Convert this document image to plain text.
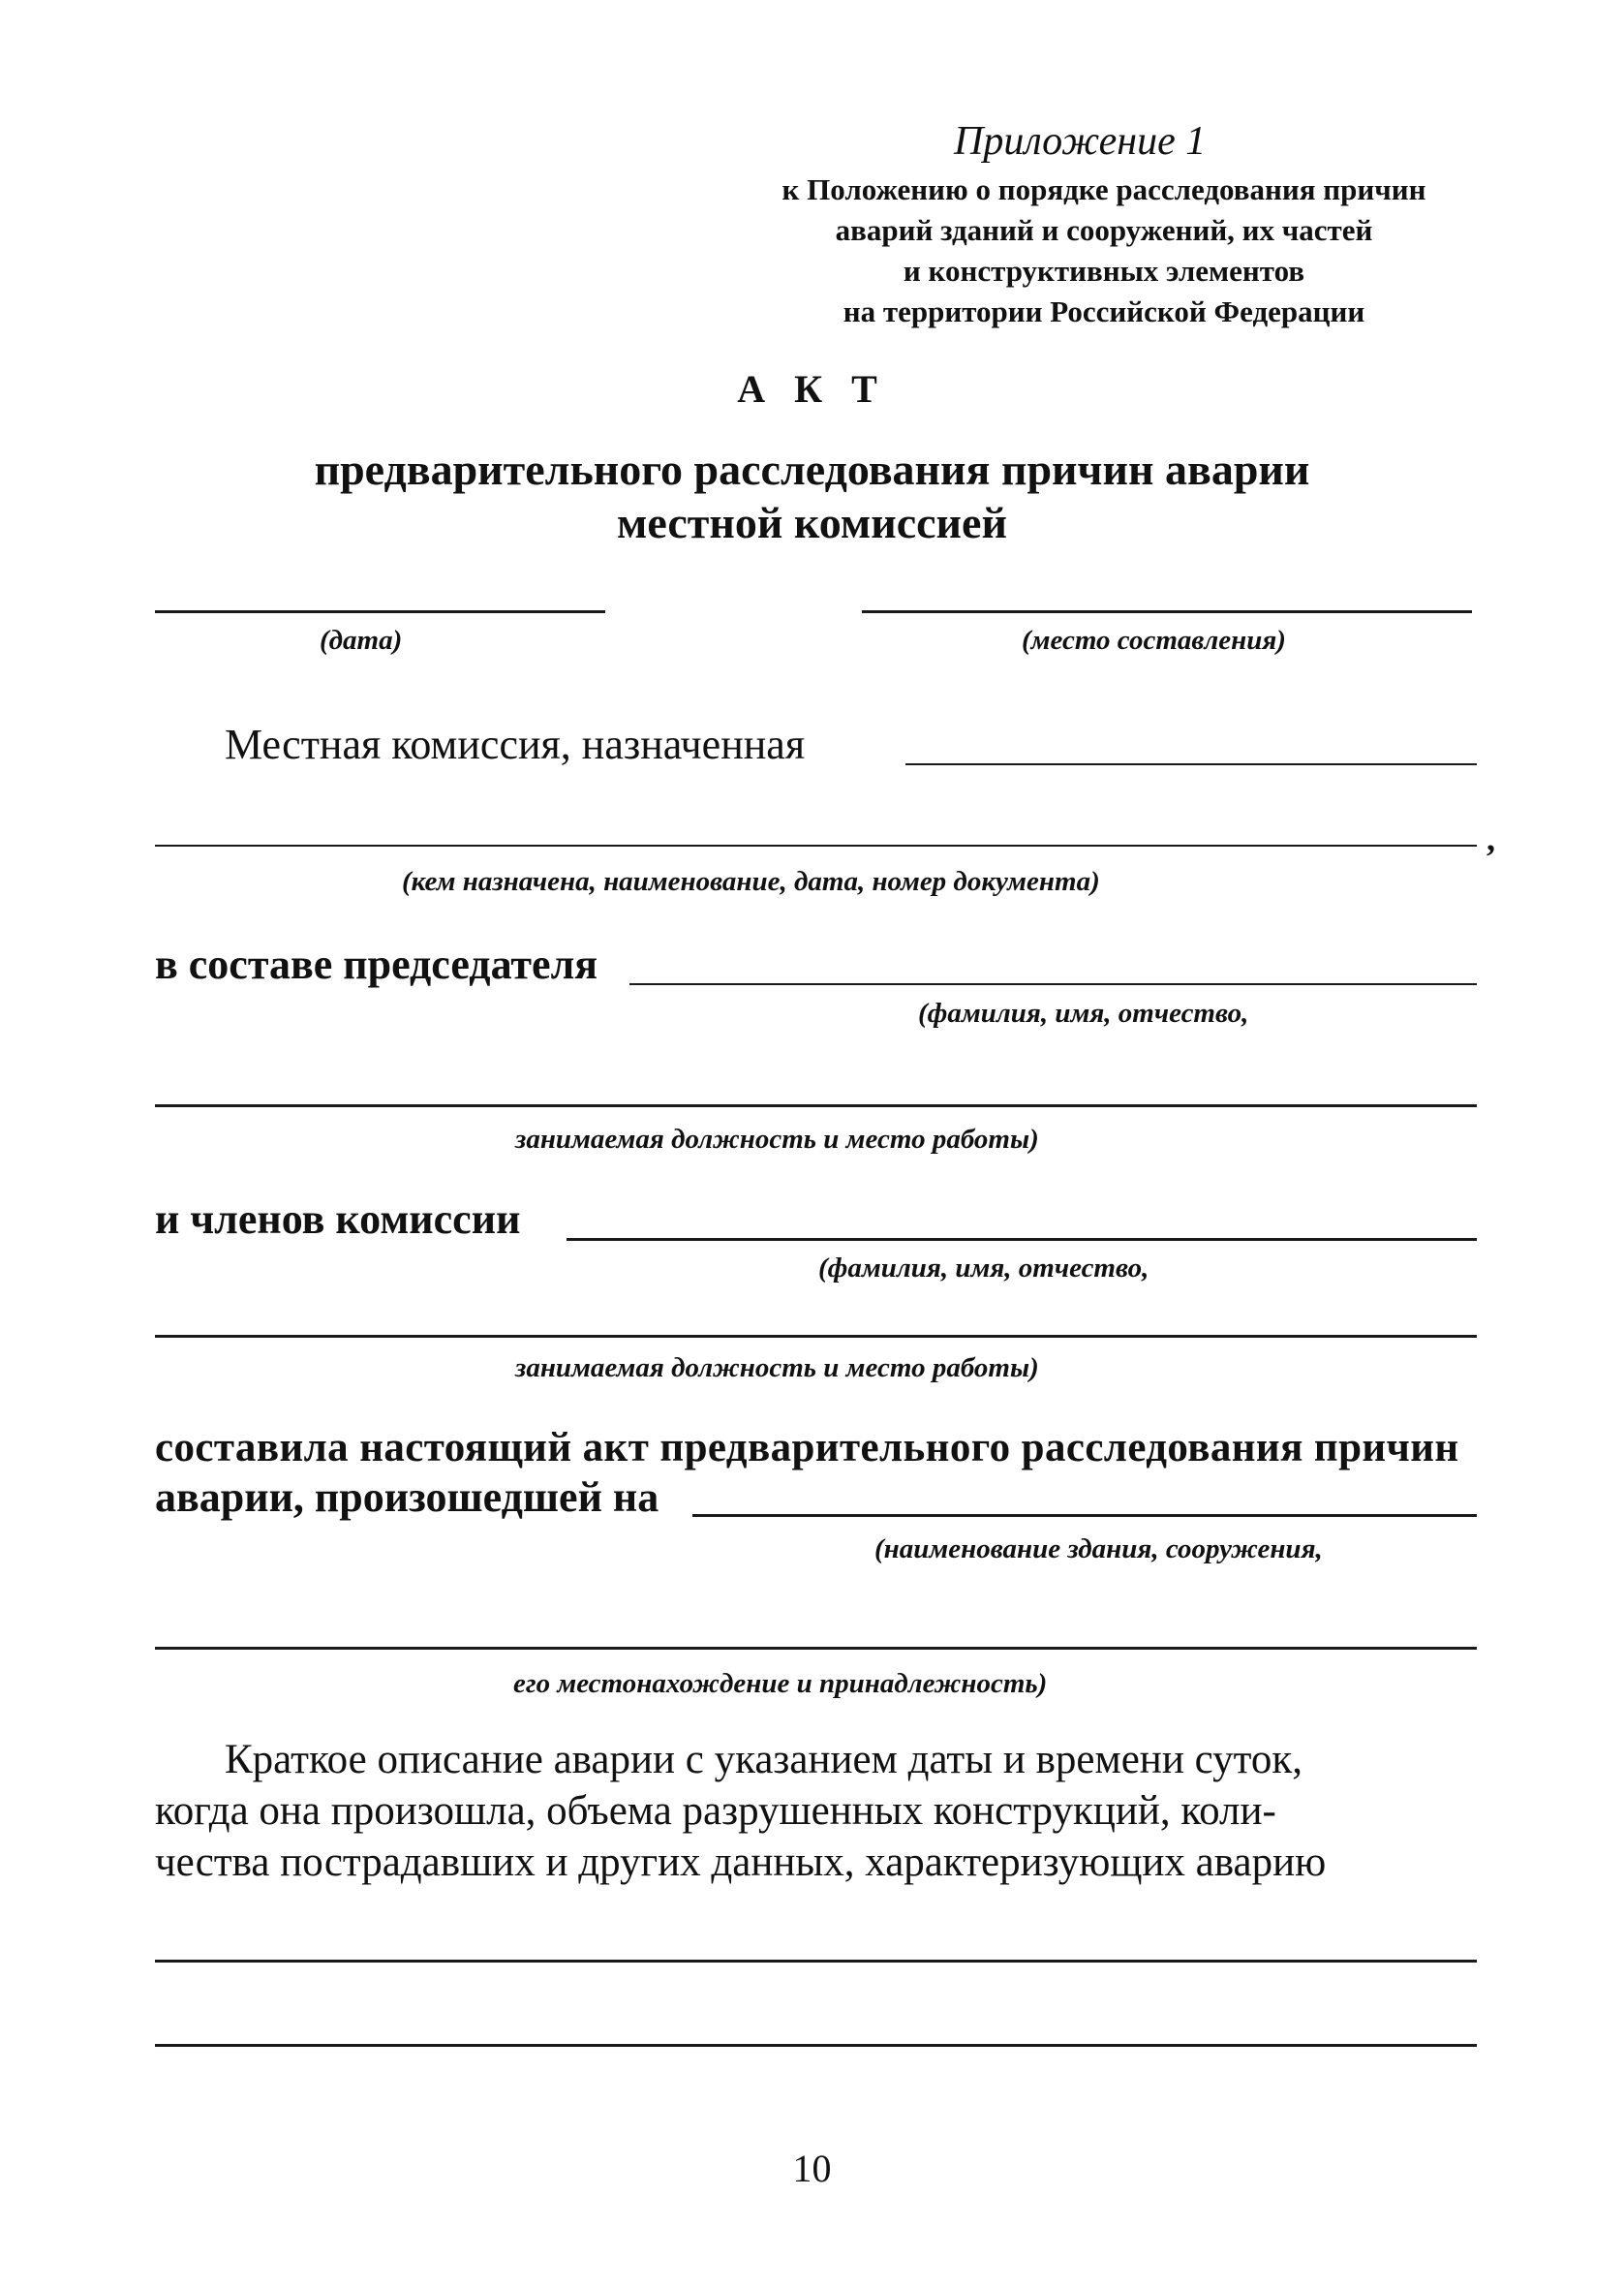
Приложение 1
к Положению о порядке расследования причин
аварий зданий и сооружений, их частей
и конструктивных элементов
на территории Российской Федерации
А К Т
предварительного расследования причин аварии
местной комиссией
(дата)	(место составления)
Местная комиссия, назначенная
,
(кем назначена, наименование, дата, номер документа)
в составе председателя
(фамилия, имя, отчество,
занимаемая должность и место работы)
и членов комиссии
(фамилия, имя, отчество,
занимаемая должность и место работы)
составила настоящий акт предварительного расследования причин
аварии, произошедшей на
(наименование здания, сооружения,
его местонахождение и принадлежность)
Краткое описание аварии с указанием даты и времени суток,
когда она произошла, объема разрушенных конструкций, коли-
чества пострадавших и других данных, характеризующих аварию
10
